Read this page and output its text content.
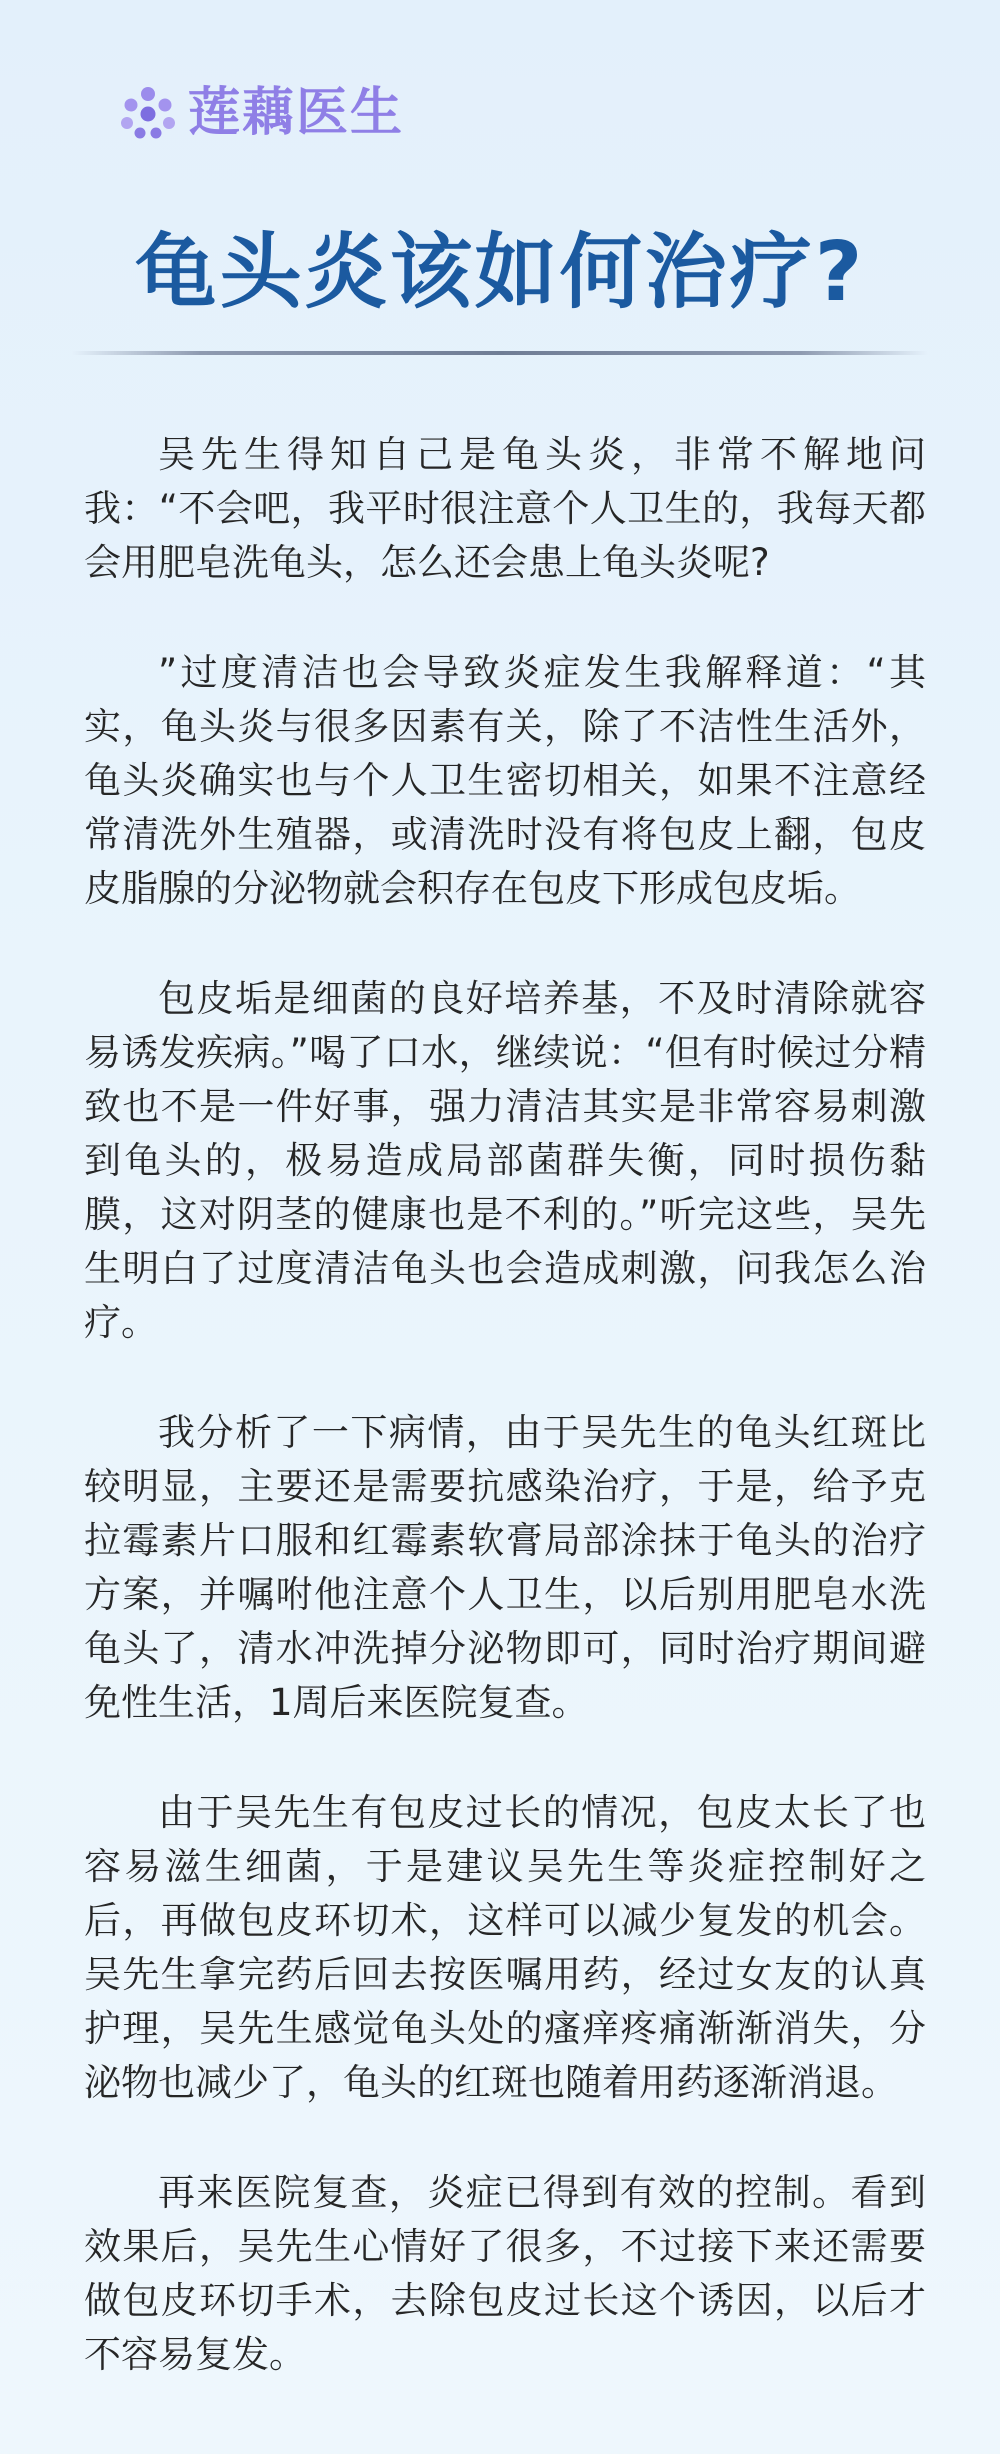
莲藕医生
龟头炎该如何治疗?

吴先生得知自己是龟头炎，非常不解地问我：“不会吧，我平时很注意个人卫生的，我每天都会用肥皂洗龟头，怎么还会患上龟头炎呢?

”过度清洁也会导致炎症发生我解释道：“其实，龟头炎与很多因素有关，除了不洁性生活外，龟头炎确实也与个人卫生密切相关，如果不注意经常清洗外生殖器，或清洗时没有将包皮上翻，包皮皮脂腺的分泌物就会积存在包皮下形成包皮垢。

包皮垢是细菌的良好培养基，不及时清除就容易诱发疾病。”喝了口水，继续说：“但有时候过分精致也不是一件好事，强力清洁其实是非常容易刺激到龟头的，极易造成局部菌群失衡，同时损伤黏膜，这对阴茎的健康也是不利的。”听完这些，吴先生明白了过度清洁龟头也会造成刺激，问我怎么治疗。

我分析了一下病情，由于吴先生的龟头红斑比较明显，主要还是需要抗感染治疗，于是，给予克拉霉素片口服和红霉素软膏局部涂抹于龟头的治疗方案，并嘱咐他注意个人卫生，以后别用肥皂水洗龟头了，清水冲洗掉分泌物即可，同时治疗期间避免性生活，1周后来医院复查。

由于吴先生有包皮过长的情况，包皮太长了也容易滋生细菌，于是建议吴先生等炎症控制好之后，再做包皮环切术，这样可以减少复发的机会。吴先生拿完药后回去按医嘱用药，经过女友的认真护理，吴先生感觉龟头处的瘙痒疼痛渐渐消失，分泌物也减少了，龟头的红斑也随着用药逐渐消退。

再来医院复查，炎症已得到有效的控制。看到效果后，吴先生心情好了很多，不过接下来还需要做包皮环切手术，去除包皮过长这个诱因，以后才不容易复发。
